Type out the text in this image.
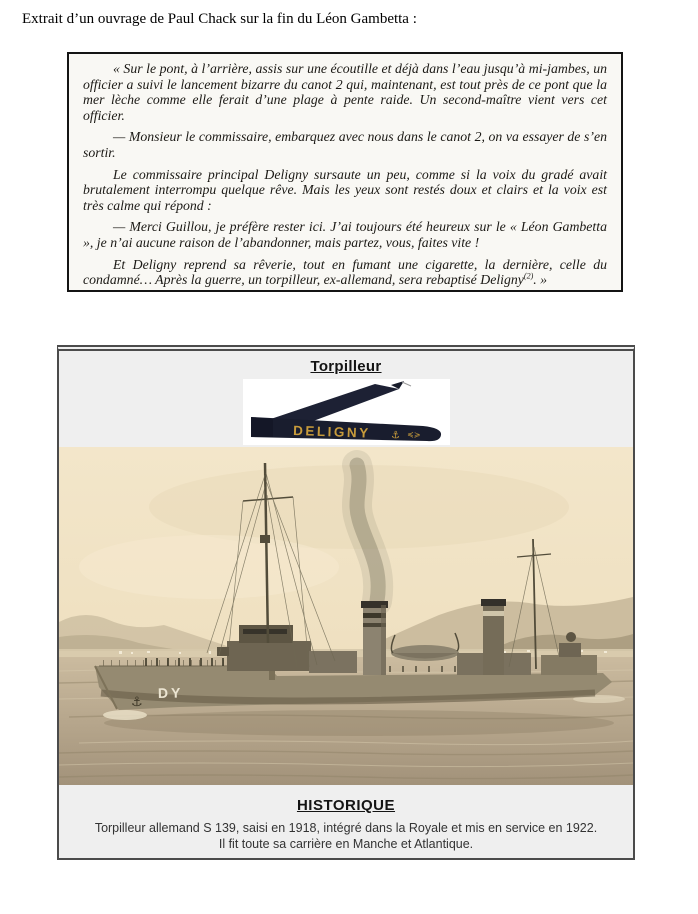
Extrait d’un ouvrage de Paul Chack sur la fin du Léon Gambetta :

« Sur le pont, à l’arrière, assis sur une écoutille et déjà dans l’eau jusqu’à mi-jambes, un officier a suivi le lancement bizarre du canot 2 qui, maintenant, est tout près de ce pont que la mer lèche comme elle ferait d’une plage à pente raide. Un second-maître vient vers cet officier.

— Monsieur le commissaire, embarquez avec nous dans le canot 2, on va essayer de s’en sortir.

Le commissaire principal Deligny sursaute un peu, comme si la voix du gradé avait brutalement interrompu quelque rêve. Mais les yeux sont restés doux et clairs et la voix est très calme qui répond :

— Merci Guillou, je préfère rester ici. J’ai toujours été heureux sur le « Léon Gambetta », je n’ai aucune raison de l’abandonner, mais partez, vous, faites vite !

Et Deligny reprend sa rêverie, tout en fumant une cigarette, la dernière, celle du condamné… Après la guerre, un torpilleur, ex-allemand, sera rebaptisé Deligny$^{(2)}$. »

Torpilleur
DELIGNY ⚓ ≼≽
DY
⚓
HISTORIQUE
Torpilleur allemand S 139, saisi en 1918, intégré dans la Royale et mis en service en 1922.
Il fit toute sa carrière en Manche et Atlantique.
